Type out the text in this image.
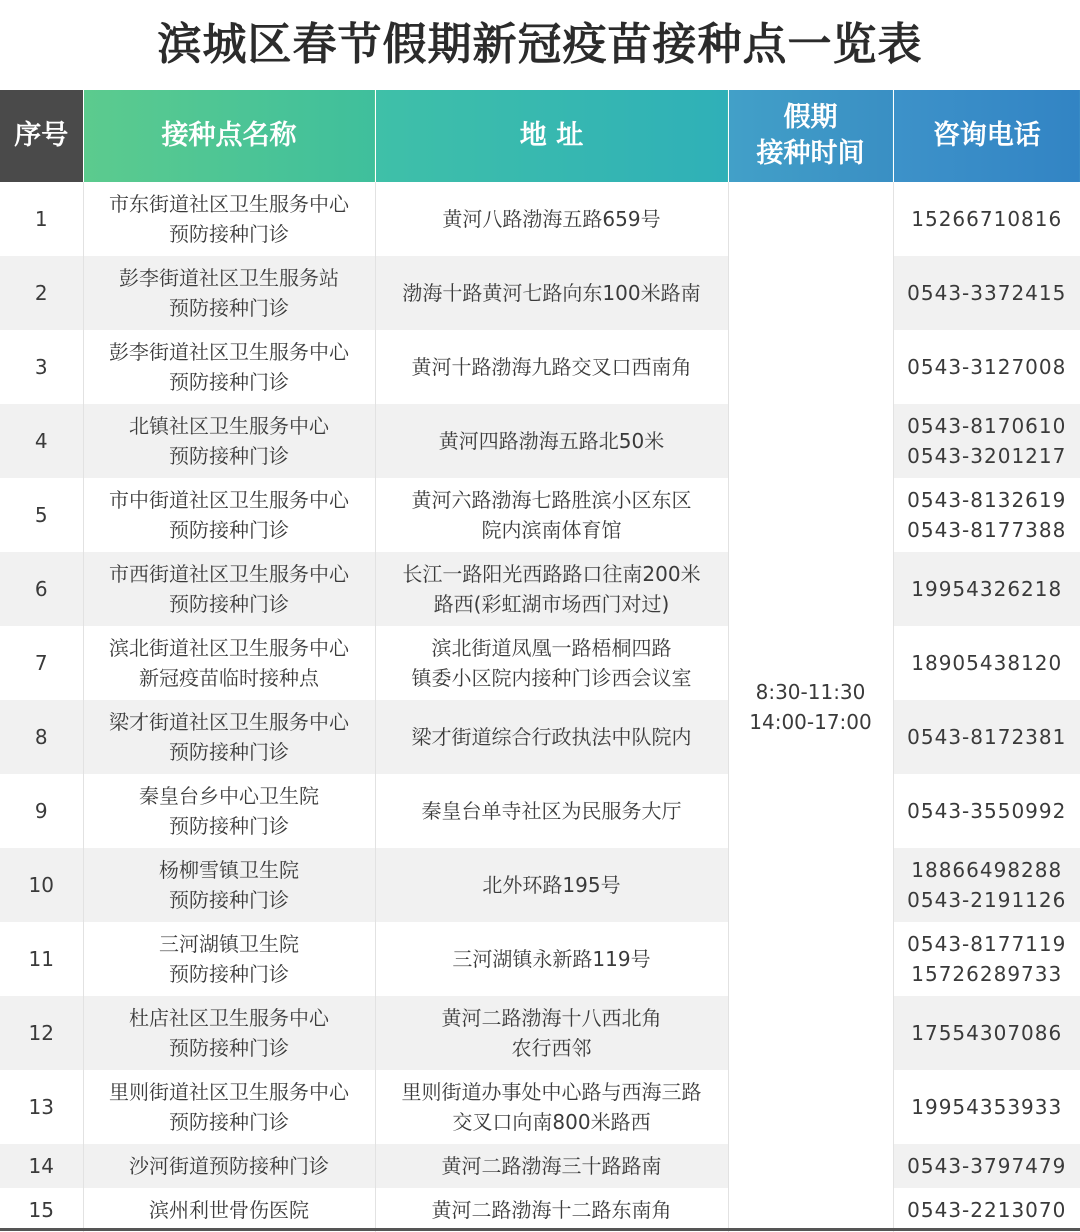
滨城区春节假期新冠疫苗接种点一览表
序号	接种点名称	地 址	假期
接种时间	咨询电话
1	市东街道社区卫生服务中心
预防接种门诊	黄河八路渤海五路659号	8:30-11:30
14:00-17:00	15266710816

2	彭李街道社区卫生服务站
预防接种门诊	渤海十路黄河七路向东100米路南		0543-3372415

3	彭李街道社区卫生服务中心
预防接种门诊	黄河十路渤海九路交叉口西南角		0543-3127008

4	北镇社区卫生服务中心
预防接种门诊	黄河四路渤海五路北50米		0543-8170610
0543-3201217

5	市中街道社区卫生服务中心
预防接种门诊	黄河六路渤海七路胜滨小区东区
院内滨南体育馆		0543-8132619
0543-8177388

6	市西街道社区卫生服务中心
预防接种门诊	长江一路阳光西路路口往南200米
路西(彩虹湖市场西门对过)		19954326218

7	滨北街道社区卫生服务中心
新冠疫苗临时接种点	滨北街道凤凰一路梧桐四路
镇委小区院内接种门诊西会议室		18905438120

8	梁才街道社区卫生服务中心
预防接种门诊	梁才街道综合行政执法中队院内		0543-8172381

9	秦皇台乡中心卫生院
预防接种门诊	秦皇台单寺社区为民服务大厅		0543-3550992

10	杨柳雪镇卫生院
预防接种门诊	北外环路195号		18866498288
0543-2191126

11	三河湖镇卫生院
预防接种门诊	三河湖镇永新路119号		0543-8177119
15726289733

12	杜店社区卫生服务中心
预防接种门诊	黄河二路渤海十八西北角
农行西邻		17554307086

13	里则街道社区卫生服务中心
预防接种门诊	里则街道办事处中心路与西海三路
交叉口向南800米路西		19954353933

14	沙河街道预防接种门诊	黄河二路渤海三十路路南		0543-3797479

15	滨州利世骨伤医院	黄河二路渤海十二路东南角		0543-2213070
